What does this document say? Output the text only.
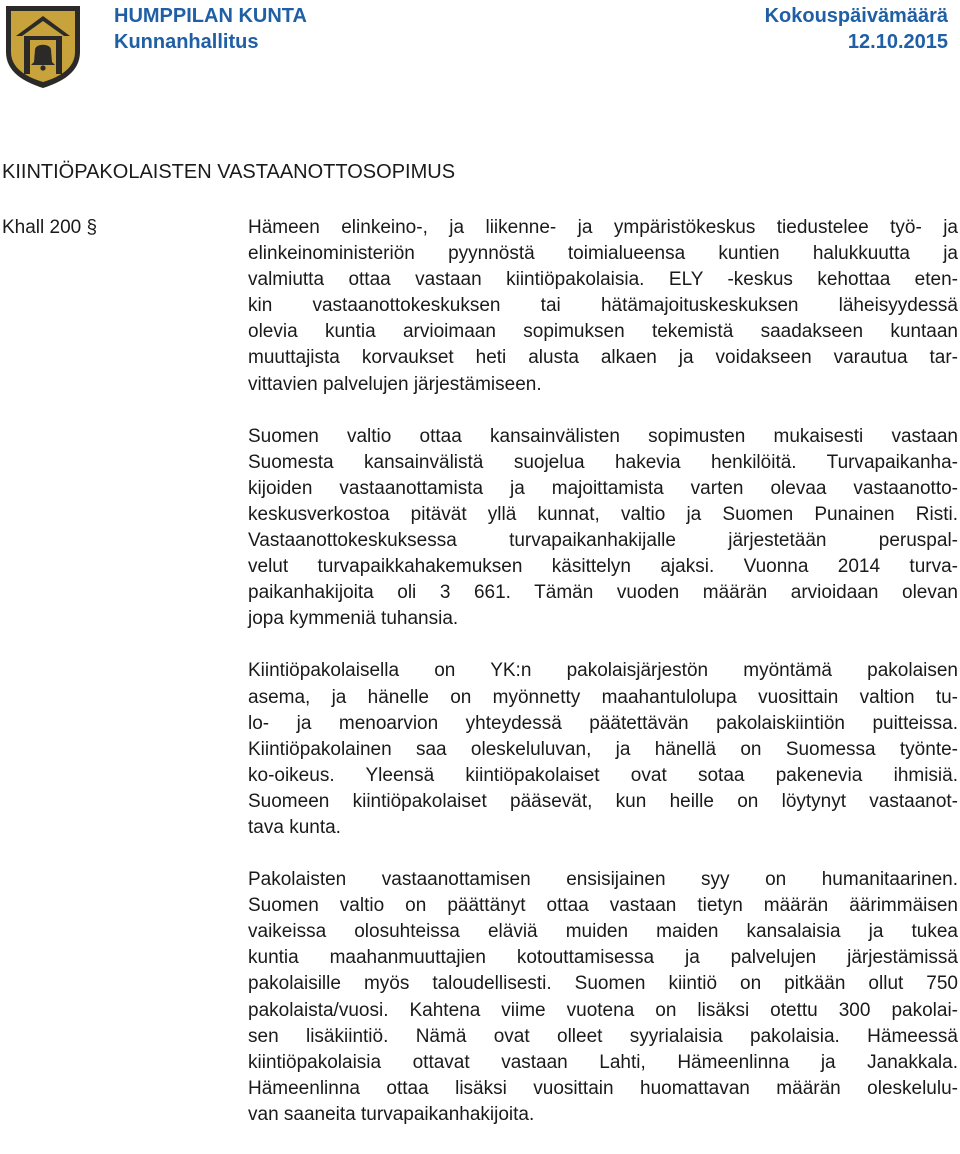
HUMPPILAN KUNTA
Kunnanhallitus
Kokouspäivämäärä
12.10.2015
KIINTIÖPAKOLAISTEN VASTAANOTTOSOPIMUS
Khall 200 §	Hämeen elinkeino-, ja liikenne- ja ympäristökeskus tiedustelee työ- ja
elinkeinoministeriön pyynnöstä toimialueensa kuntien halukkuutta ja
valmiutta ottaa vastaan kiintiöpakolaisia. ELY -keskus kehottaa eten-
kin vastaanottokeskuksen tai hätämajoituskeskuksen läheisyydessä
olevia kuntia arvioimaan sopimuksen tekemistä saadakseen kuntaan
muuttajista korvaukset heti alusta alkaen ja voidakseen varautua tar-
vittavien palvelujen järjestämiseen.
Suomen valtio ottaa kansainvälisten sopimusten mukaisesti vastaan
Suomesta kansainvälistä suojelua hakevia henkilöitä. Turvapaikanha-
kijoiden vastaanottamista ja majoittamista varten olevaa vastaanotto-
keskusverkostoa pitävät yllä kunnat, valtio ja Suomen Punainen Risti.
Vastaanottokeskuksessa turvapaikanhakijalle järjestetään peruspal-
velut turvapaikkahakemuksen käsittelyn ajaksi. Vuonna 2014 turva-
paikanhakijoita oli 3 661. Tämän vuoden määrän arvioidaan olevan
jopa kymmeniä tuhansia.
Kiintiöpakolaisella on YK:n pakolaisjärjestön myöntämä pakolaisen
asema, ja hänelle on myönnetty maahantulolupa vuosittain valtion tu-
lo- ja menoarvion yhteydessä päätettävän pakolaiskiintiön puitteissa.
Kiintiöpakolainen saa oleskeluluvan, ja hänellä on Suomessa työnte-
ko-oikeus. Yleensä kiintiöpakolaiset ovat sotaa pakenevia ihmisiä.
Suomeen kiintiöpakolaiset pääsevät, kun heille on löytynyt vastaanot-
tava kunta.
Pakolaisten vastaanottamisen ensisijainen syy on humanitaarinen.
Suomen valtio on päättänyt ottaa vastaan tietyn määrän äärimmäisen
vaikeissa olosuhteissa eläviä muiden maiden kansalaisia ja tukea
kuntia maahanmuuttajien kotouttamisessa ja palvelujen järjestämissä
pakolaisille myös taloudellisesti. Suomen kiintiö on pitkään ollut 750
pakolaista/vuosi. Kahtena viime vuotena on lisäksi otettu 300 pakolai-
sen lisäkiintiö. Nämä ovat olleet syyrialaisia pakolaisia. Hämeessä
kiintiöpakolaisia ottavat vastaan Lahti, Hämeenlinna ja Janakkala.
Hämeenlinna ottaa lisäksi vuosittain huomattavan määrän oleskelulu-
van saaneita turvapaikanhakijoita.
